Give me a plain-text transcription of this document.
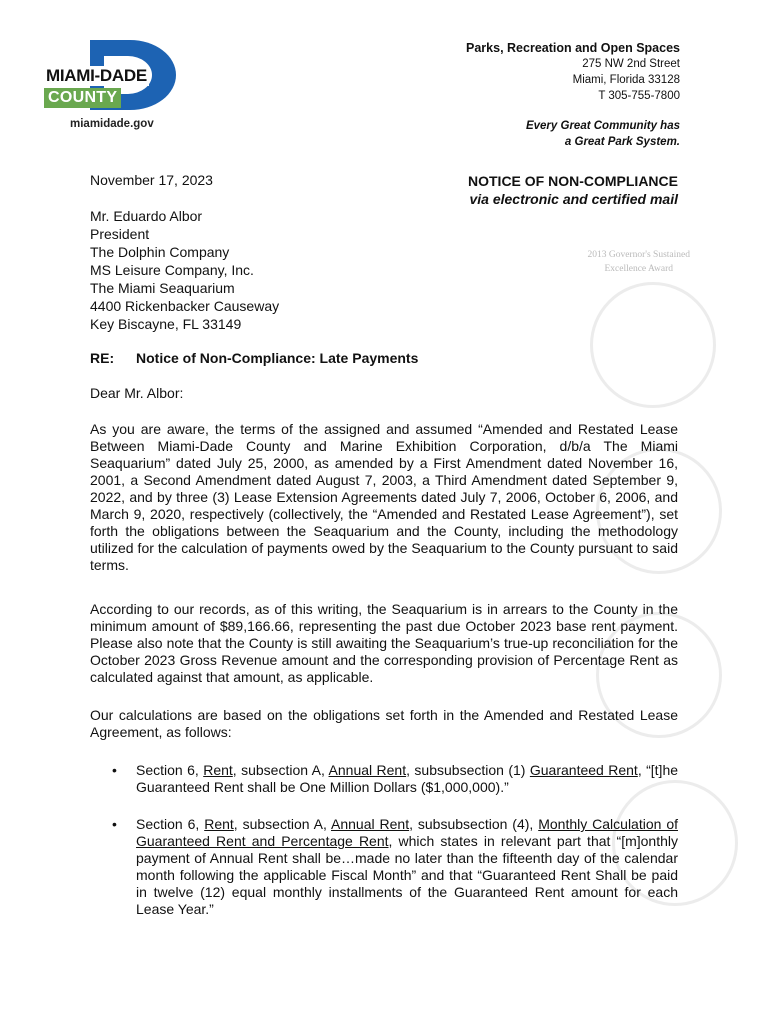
MIAMI-DADE
COUNTY
miamidade.gov
Parks, Recreation and Open Spaces
275 NW 2nd Street
Miami, Florida 33128
T 305-755-7800
Every Great Community has
a Great Park System.
2013 Governor's Sustained
Excellence Award
November 17, 2023	NOTICE OF NON-COMPLIANCE
via electronic and certified mail
Mr. Eduardo Albor
President
The Dolphin Company
MS Leisure Company, Inc.
The Miami Seaquarium
4400 Rickenbacker Causeway
Key Biscayne, FL 33149
RE: Notice of Non-Compliance: Late Payments
Dear Mr. Albor:
As you are aware, the terms of the assigned and assumed “Amended and Restated Lease Between Miami-Dade County and Marine Exhibition Corporation, d/b/a The Miami Seaquarium” dated July 25, 2000, as amended by a First Amendment dated November 16, 2001, a Second Amendment dated August 7, 2003, a Third Amendment dated September 9, 2022, and by three (3) Lease Extension Agreements dated July 7, 2006, October 6, 2006, and March 9, 2020, respectively (collectively, the “Amended and Restated Lease Agreement”), set forth the obligations between the Seaquarium and the County, including the methodology utilized for the calculation of payments owed by the Seaquarium to the County pursuant to said terms.
According to our records, as of this writing, the Seaquarium is in arrears to the County in the minimum amount of $89,166.66, representing the past due October 2023 base rent payment. Please also note that the County is still awaiting the Seaquarium’s true-up reconciliation for the October 2023 Gross Revenue amount and the corresponding provision of Percentage Rent as calculated against that amount, as applicable.
Our calculations are based on the obligations set forth in the Amended and Restated Lease Agreement, as follows:
• Section 6, Rent, subsection A, Annual Rent, subsubsection (1) Guaranteed Rent, “[t]he Guaranteed Rent shall be One Million Dollars ($1,000,000).”
• Section 6, Rent, subsection A, Annual Rent, subsubsection (4), Monthly Calculation of Guaranteed Rent and Percentage Rent, which states in relevant part that “[m]onthly payment of Annual Rent shall be…made no later than the fifteenth day of the calendar month following the applicable Fiscal Month” and that “Guaranteed Rent Shall be paid in twelve (12) equal monthly installments of the Guaranteed Rent amount for each Lease Year.”
